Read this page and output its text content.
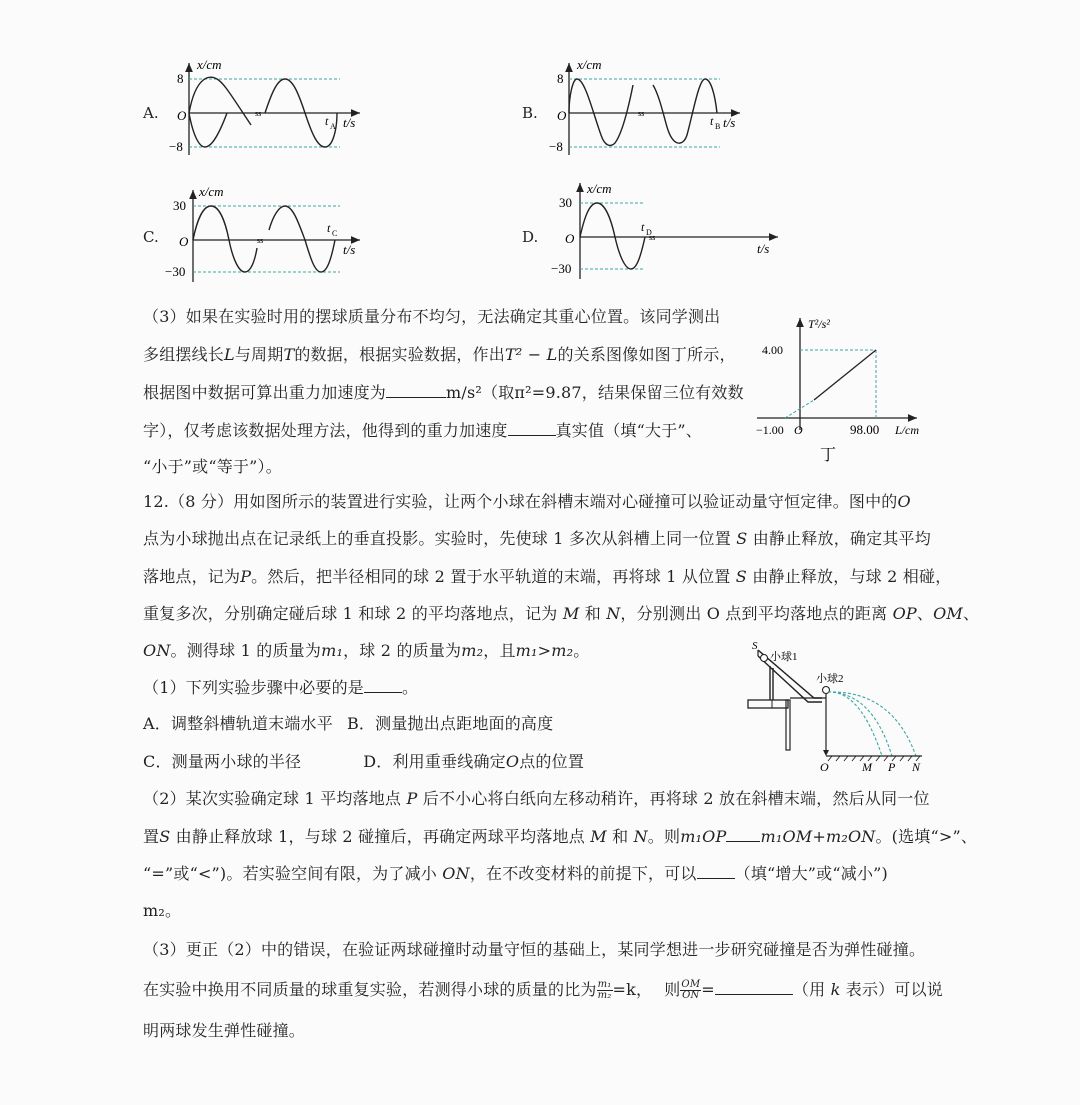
A.
8
−8
O
x/cm
t/s
t A
ss	B.
8
−8
O
x/cm
t/s
t B
ss
C.
30
−30
O
x/cm
t/s
t C
ss	D.
30
−30
O
x/cm
t/s
t D
ss
（3）如果在实验时用的摆球质量分布不均匀，无法确定其重心位置。该同学测出
多组摆线长L与周期T的数据，根据实验数据，作出T² − L的关系图像如图丁所示，
根据图中数据可算出重力加速度为	m/s²（取π²=9.87，结果保留三位有效数
字），仅考虑该数据处理方法，他得到的重力加速度	真实值（填“大于”、
“小于”或“等于”）。
T²/s²
4.00
−1.00 O	98.00 L/cm
丁
12.（8 分）用如图所示的装置进行实验，让两个小球在斜槽末端对心碰撞可以验证动量守恒定律。图中的O
点为小球抛出点在记录纸上的垂直投影。实验时，先使球 1 多次从斜槽上同一位置 S 由静止释放，确定其平均
落地点，记为P。然后，把半径相同的球 2 置于水平轨道的末端，再将球 1 从位置 S 由静止释放，与球 2 相碰，
重复多次，分别确定碰后球 1 和球 2 的平均落地点，记为 M 和 N，分别测出 O 点到平均落地点的距离 OP、OM、
ON。测得球 1 的质量为m₁，球 2 的质量为m₂，且m₁>m₂。
（1）下列实验步骤中必要的是 。
A．调整斜槽轨道末端水平 B．测量抛出点距地面的高度
C．测量两小球的半径	D．利用重垂线确定O点的位置
S
小球1
小球2
O	M P N
（2）某次实验确定球 1 平均落地点 P 后不小心将白纸向左移动稍许，再将球 2 放在斜槽末端，然后从同一位
置S 由静止释放球 1，与球 2 碰撞后，再确定两球平均落地点 M 和 N。则m₁OP m₁OM+m₂ON。(选填“>”、
“=”或“<”)。若实验空间有限，为了减小 ON，在不改变材料的前提下，可以 （填“增大”或“减小”)
m₂。
（3）更正（2）中的错误，在验证两球碰撞时动量守恒的基础上，某同学想进一步研究碰撞是否为弹性碰撞。
在实验中换用不同质量的球重复实验，若测得小球的质量的比为 $\frac{\text{m₁}}{\text{m₂}} =k$， 则 $\frac{OM}{ON}$ =	（用 k 表示）可以说
明两球发生弹性碰撞。
